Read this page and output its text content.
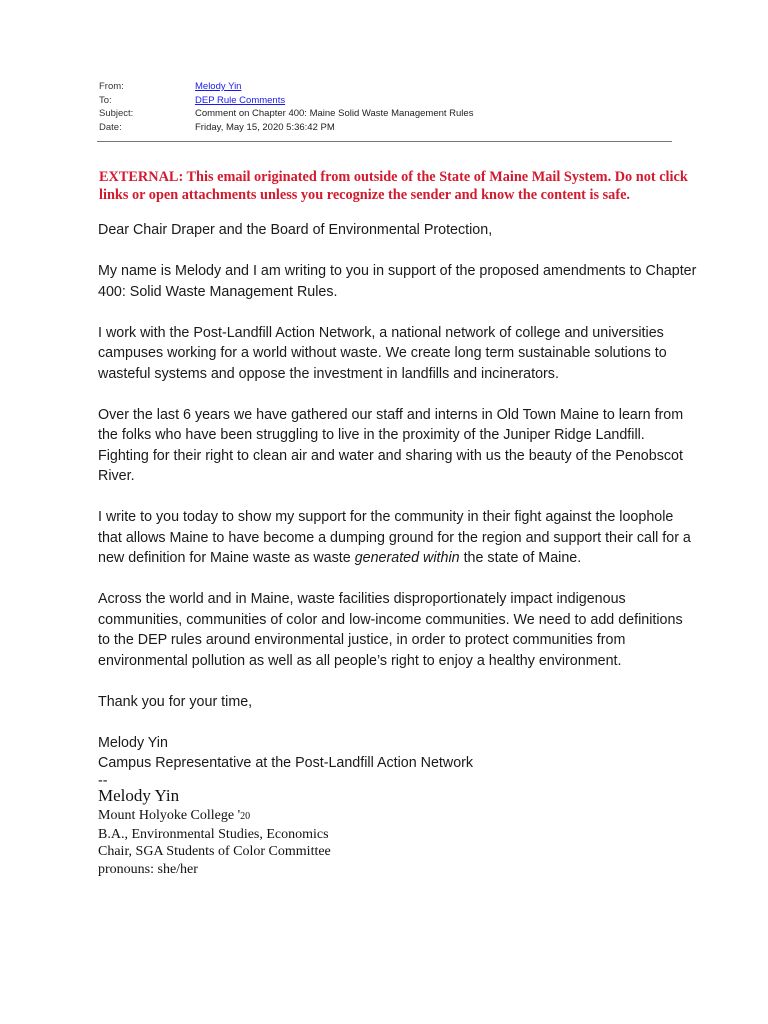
From:	Melody Yin
To:	DEP Rule Comments
Subject:	Comment on Chapter 400: Maine Solid Waste Management Rules
Date:	Friday, May 15, 2020 5:36:42 PM
EXTERNAL: This email originated from outside of the State of Maine Mail System. Do not click links or open attachments unless you recognize the sender and know the content is safe.

Dear Chair Draper and the Board of Environmental Protection,

My name is Melody and I am writing to you in support of the proposed amendments to Chapter 400: Solid Waste Management Rules.

I work with the Post-Landfill Action Network, a national network of college and universities campuses working for a world without waste. We create long term sustainable solutions to wasteful systems and oppose the investment in landfills and incinerators.

Over the last 6 years we have gathered our staff and interns in Old Town Maine to learn from the folks who have been struggling to live in the proximity of the Juniper Ridge Landfill. Fighting for their right to clean air and water and sharing with us the beauty of the Penobscot River.

I write to you today to show my support for the community in their fight against the loophole that allows Maine to have become a dumping ground for the region and support their call for a new definition for Maine waste as waste generated within the state of Maine.

Across the world and in Maine, waste facilities disproportionately impact indigenous communities, communities of color and low-income communities. We need to add definitions to the DEP rules around environmental justice, in order to protect communities from environmental pollution as well as all people’s right to enjoy a healthy environment.

Thank you for your time,

Melody Yin

Campus Representative at the Post-Landfill Action Network

--

Melody Yin
Mount Holyoke College '20
B.A., Environmental Studies, Economics
Chair, SGA Students of Color Committee
pronouns: she/her
